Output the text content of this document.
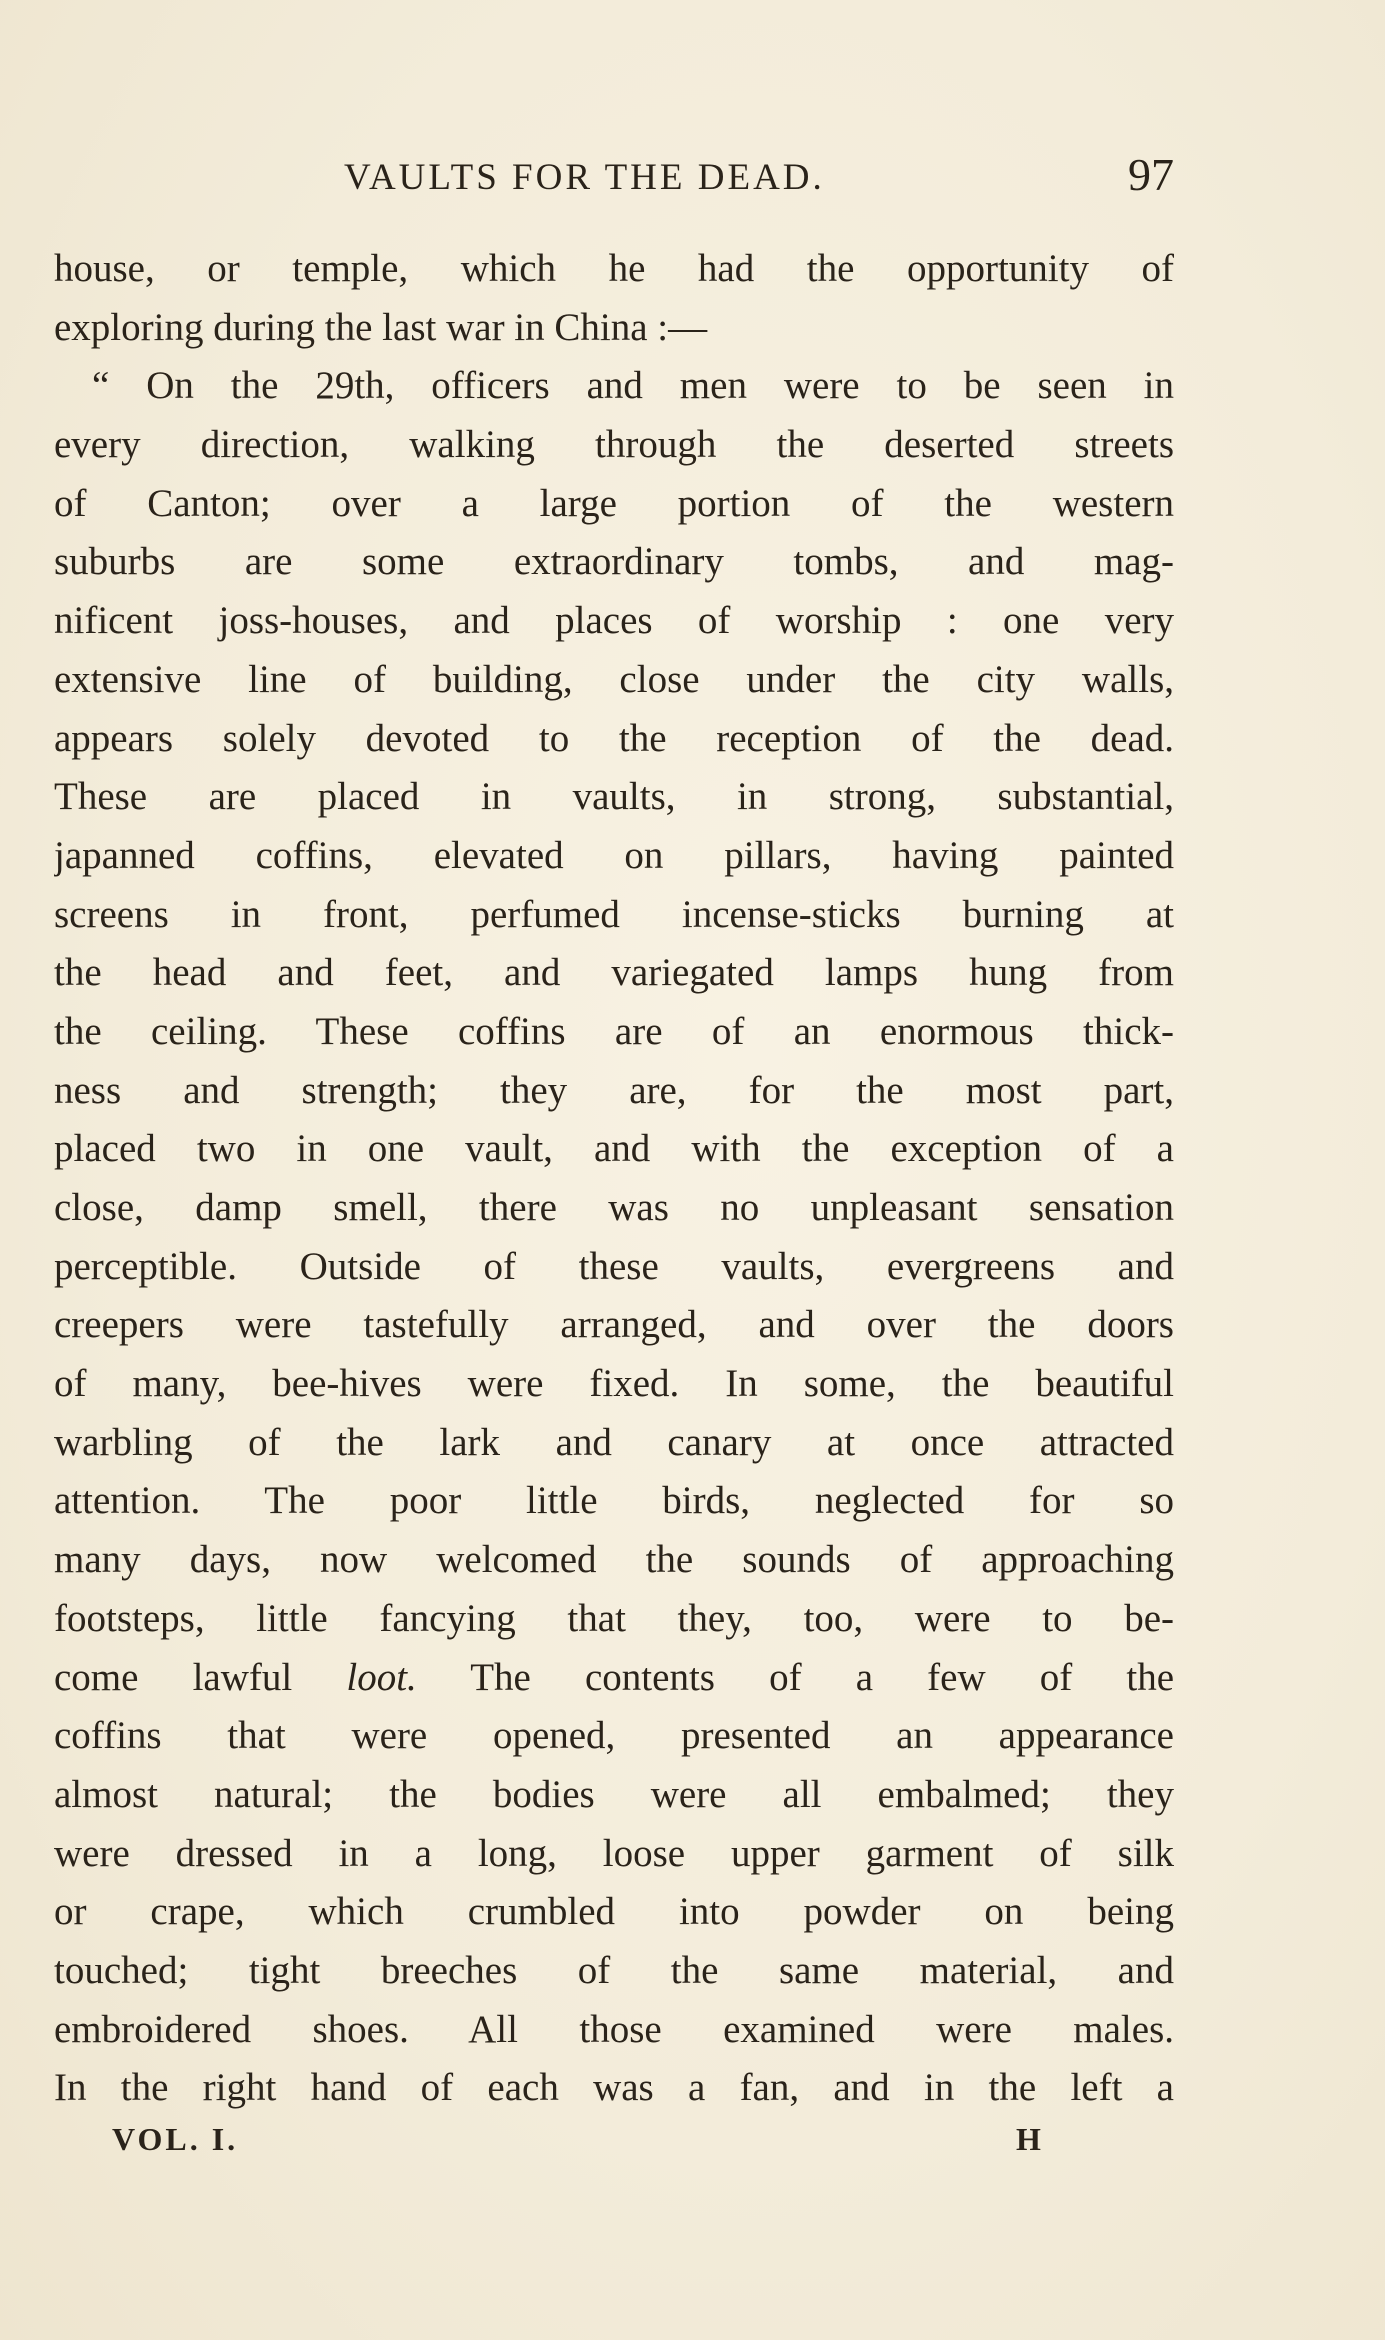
VAULTS FOR THE DEAD.	97
house, or temple, which he had the opportunity of
exploring during the last war in China :—
“ On the 29th, officers and men were to be seen in
every direction, walking through the deserted streets
of Canton; over a large portion of the western
suburbs are some extraordinary tombs, and mag-
nificent joss-houses, and places of worship : one very
extensive line of building, close under the city walls,
appears solely devoted to the reception of the dead.
These are placed in vaults, in strong, substantial,
japanned coffins, elevated on pillars, having painted
screens in front, perfumed incense-sticks burning at
the head and feet, and variegated lamps hung from
the ceiling. These coffins are of an enormous thick-
ness and strength; they are, for the most part,
placed two in one vault, and with the exception of a
close, damp smell, there was no unpleasant sensation
perceptible. Outside of these vaults, evergreens and
creepers were tastefully arranged, and over the doors
of many, bee-hives were fixed. In some, the beautiful
warbling of the lark and canary at once attracted
attention. The poor little birds, neglected for so
many days, now welcomed the sounds of approaching
footsteps, little fancying that they, too, were to be-
come lawful loot. The contents of a few of the
coffins that were opened, presented an appearance
almost natural; the bodies were all embalmed; they
were dressed in a long, loose upper garment of silk
or crape, which crumbled into powder on being
touched; tight breeches of the same material, and
embroidered shoes. All those examined were males.
In the right hand of each was a fan, and in the left a
VOL. I.	H
